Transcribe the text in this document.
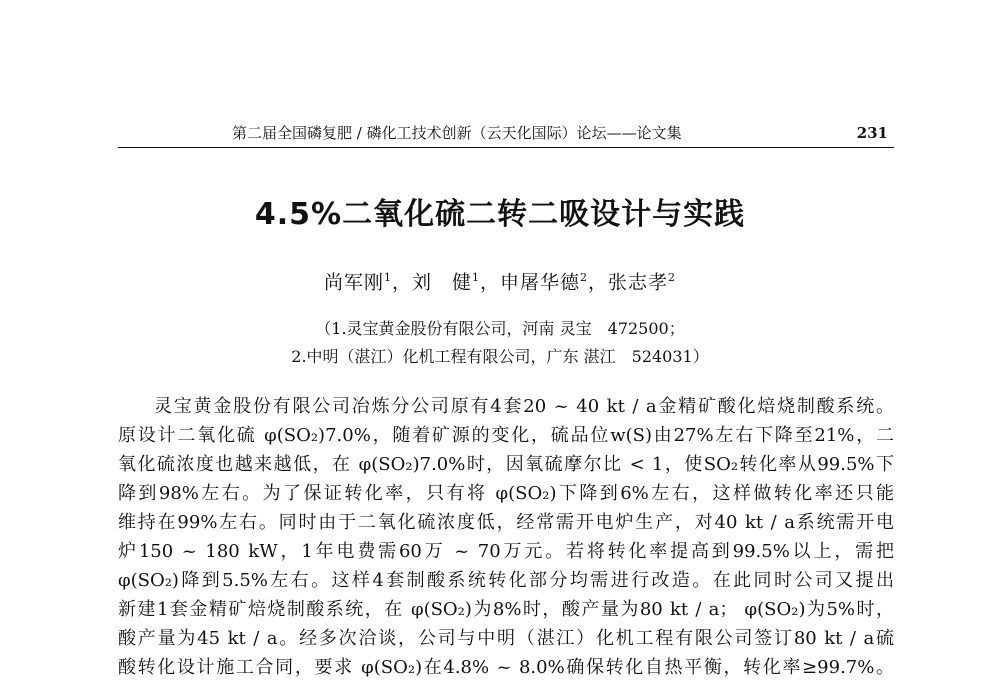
第二届全国磷复肥 / 磷化工技术创新（云天化国际）论坛——论文集	231
4.5%二氧化硫二转二吸设计与实践
尚军刚$^1$，刘　健$^1$，申屠华德$^2$，张志孝$^2$
（1.灵宝黄金股份有限公司，河南 灵宝　472500；
2.中明（湛江）化机工程有限公司，广东 湛江　524031）
灵宝黄金股份有限公司冶炼分公司原有4套20 ~ 40 kt / a金精矿酸化焙烧制酸系统。
原设计二氧化硫 φ(SO₂)7.0%，随着矿源的变化，硫品位w(S)由27%左右下降至21%，二
氧化硫浓度也越来越低，在 φ(SO₂)7.0%时，因氧硫摩尔比 < 1，使SO₂转化率从99.5%下
降到98%左右。为了保证转化率，只有将 φ(SO₂)下降到6%左右，这样做转化率还只能
维持在99%左右。同时由于二氧化硫浓度低，经常需开电炉生产，对40 kt / a系统需开电
炉150 ~ 180 kW，1年电费需60万 ~ 70万元。若将转化率提高到99.5%以上，需把
φ(SO₂)降到5.5%左右。这样4套制酸系统转化部分均需进行改造。在此同时公司又提出
新建1套金精矿焙烧制酸系统，在 φ(SO₂)为8%时，酸产量为80 kt / a； φ(SO₂)为5%时，
酸产量为45 kt / a。经多次洽谈，公司与中明（湛江）化机工程有限公司签订80 kt / a硫
酸转化设计施工合同，要求 φ(SO₂)在4.8% ~ 8.0%确保转化自热平衡，转化率≥99.7%。
